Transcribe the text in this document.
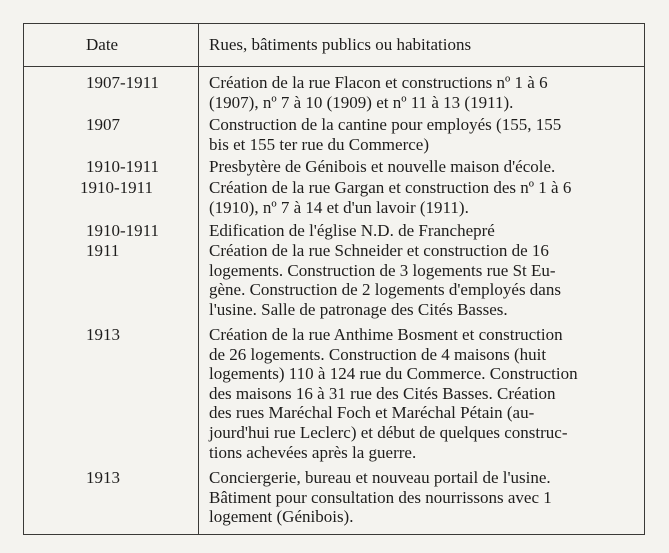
Date	Rues, bâtiments publics ou habitations
1907-1911	Création de la rue Flacon et constructions nº 1 à 6
(1907), nº 7 à 10 (1909) et nº 11 à 13 (1911).
1907	Construction de la cantine pour employés (155, 155
bis et 155 ter rue du Commerce)
1910-1911	Presbytère de Génibois et nouvelle maison d'école.
1910-1911	Création de la rue Gargan et construction des nº 1 à 6
(1910), nº 7 à 14 et d'un lavoir (1911).
1910-1911	Edification de l'église N.D. de Franchepré
1911	Création de la rue Schneider et construction de 16
logements. Construction de 3 logements rue St Eu-
gène. Construction de 2 logements d'employés dans
l'usine. Salle de patronage des Cités Basses.
1913	Création de la rue Anthime Bosment et construction
de 26 logements. Construction de 4 maisons (huit
logements) 110 à 124 rue du Commerce. Construction
des maisons 16 à 31 rue des Cités Basses. Création
des rues Maréchal Foch et Maréchal Pétain (au-
jourd'hui rue Leclerc) et début de quelques construc-
tions achevées après la guerre.
1913	Conciergerie, bureau et nouveau portail de l'usine.
Bâtiment pour consultation des nourrissons avec 1
logement (Génibois).
